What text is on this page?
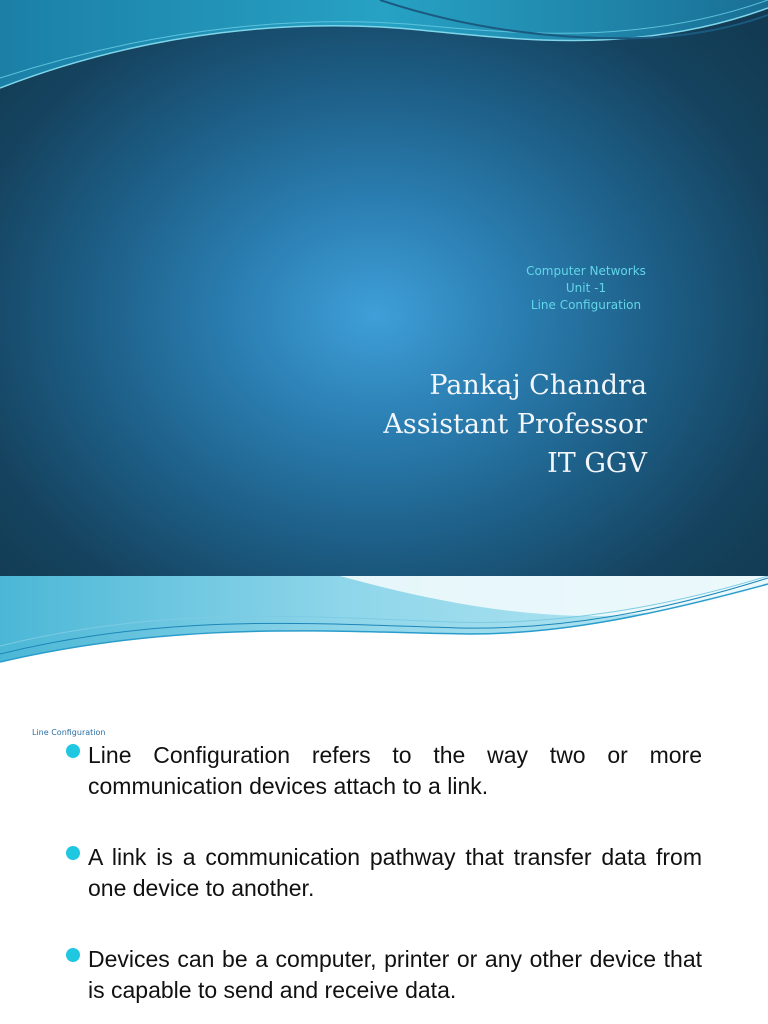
Computer Networks
Unit -1
Line Configuration
Pankaj Chandra
Assistant Professor
IT GGV
Line Configuration
Line Configuration refers to the way two or more communication devices attach to a link.
A link is a communication pathway that transfer data from one device to another.
Devices can be a computer, printer or any other device that is capable to send and receive data.
